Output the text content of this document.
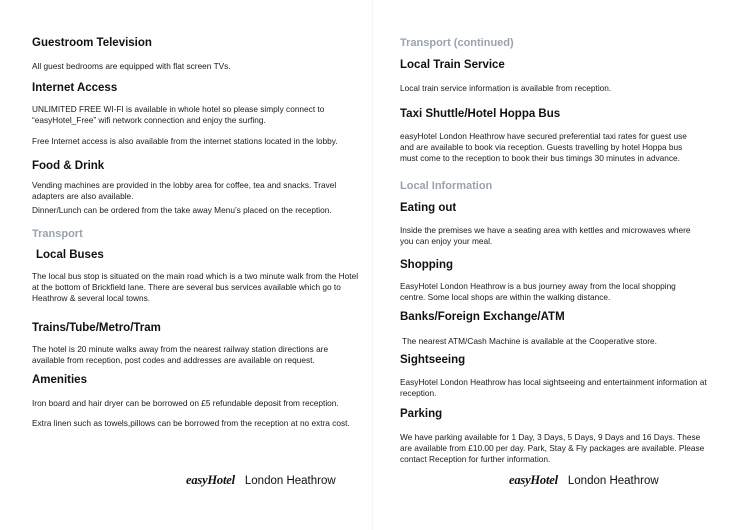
Guestroom Television
All guest bedrooms are equipped with flat screen TVs.
Internet Access
UNLIMITED FREE WI-FI is available in whole hotel so please simply connect to “easyHotel_Free” wifi network connection and enjoy the surfing.
Free Internet access is also available from the internet stations located in the lobby.
Food & Drink
Vending machines are provided in the lobby area for coffee, tea and snacks. Travel adapters are also available.
Dinner/Lunch can be ordered from the take away Menu’s placed on the reception.
Transport
Local Buses
The local bus stop is situated on the main road which is a two minute walk from the Hotel at the bottom of Brickfield lane. There are several bus services available which go to Heathrow & several local towns.
Trains/Tube/Metro/Tram
The hotel is 20 minute walks away from the nearest railway station directions are available from reception, post codes and addresses are available on request.
Amenities
Iron board and hair dryer can be borrowed on £5 refundable deposit from reception.
Extra linen such as towels,pillows can be borrowed from the reception at no extra cost.
easyHotel London Heathrow
Transport (continued)
Local Train Service
Local train service information is available from reception.
Taxi Shuttle/Hotel Hoppa Bus
easyHotel London Heathrow have secured preferential taxi rates for guest use and are available to book via reception. Guests travelling by hotel Hoppa bus must come to the reception to book their bus timings 30 minutes in advance.
Local Information
Eating out
Inside the premises we have a seating area with kettles and microwaves where you can enjoy your meal.
Shopping
EasyHotel London Heathrow is a bus journey away from the local shopping centre. Some local shops are within the walking distance.
Banks/Foreign Exchange/ATM
The nearest ATM/Cash Machine is available at the Cooperative store.
Sightseeing
EasyHotel London Heathrow has local sightseeing and entertainment information at reception.
Parking
We have parking available for 1 Day, 3 Days, 5 Days, 9 Days and 16 Days. These are available from £10.00 per day. Park, Stay & Fly packages are available. Please contact Reception for further information.
easyHotel London Heathrow
